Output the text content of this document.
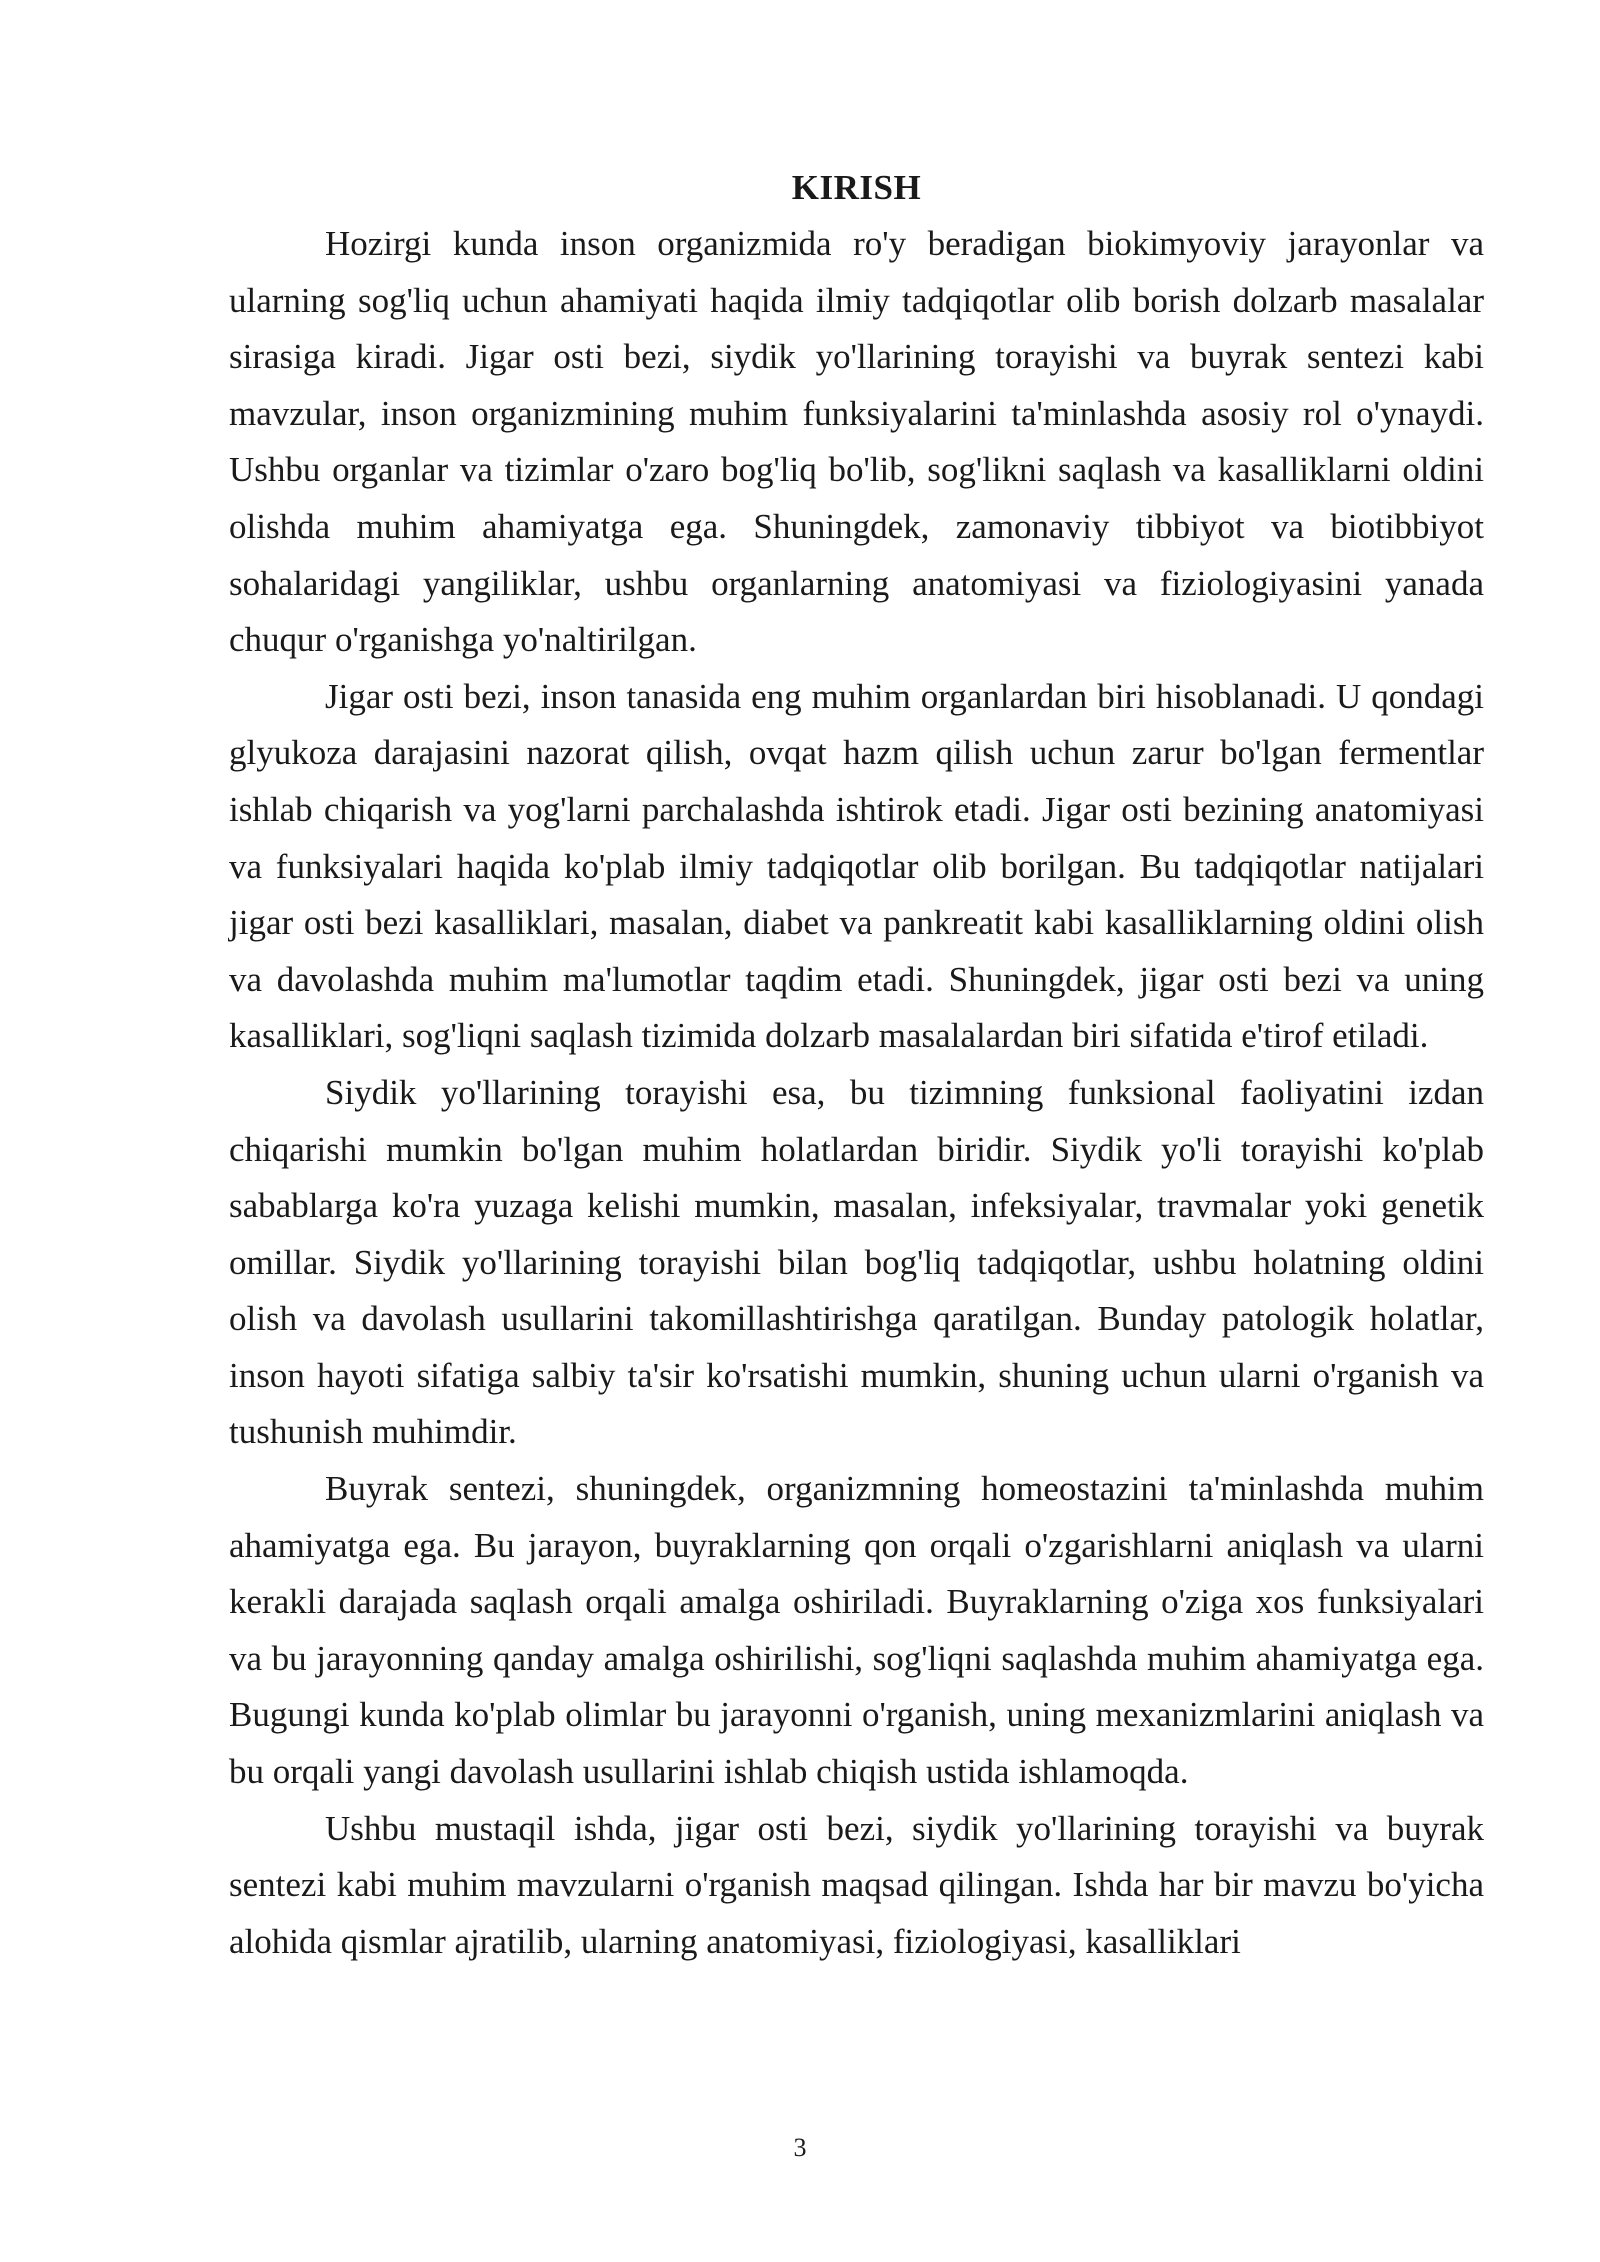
KIRISH

Hozirgi kunda inson organizmida ro'y beradigan biokimyoviy jarayonlar va ularning sog'liq uchun ahamiyati haqida ilmiy tadqiqotlar olib borish dolzarb masalalar sirasiga kiradi. Jigar osti bezi, siydik yo'llarining torayishi va buyrak sentezi kabi mavzular, inson organizmining muhim funksiyalarini ta'minlashda asosiy rol o'ynaydi. Ushbu organlar va tizimlar o'zaro bog'liq bo'lib, sog'likni saqlash va kasalliklarni oldini olishda muhim ahamiyatga ega. Shuningdek, zamonaviy tibbiyot va biotibbiyot sohalaridagi yangiliklar, ushbu organlarning anatomiyasi va fiziologiyasini yanada chuqur o'rganishga yo'naltirilgan.

Jigar osti bezi, inson tanasida eng muhim organlardan biri hisoblanadi. U qondagi glyukoza darajasini nazorat qilish, ovqat hazm qilish uchun zarur bo'lgan fermentlar ishlab chiqarish va yog'larni parchalashda ishtirok etadi. Jigar osti bezining anatomiyasi va funksiyalari haqida ko'plab ilmiy tadqiqotlar olib borilgan. Bu tadqiqotlar natijalari jigar osti bezi kasalliklari, masalan, diabet va pankreatit kabi kasalliklarning oldini olish va davolashda muhim ma'lumotlar taqdim etadi. Shuningdek, jigar osti bezi va uning kasalliklari, sog'liqni saqlash tizimida dolzarb masalalardan biri sifatida e'tirof etiladi.

Siydik yo'llarining torayishi esa, bu tizimning funksional faoliyatini izdan chiqarishi mumkin bo'lgan muhim holatlardan biridir. Siydik yo'li torayishi ko'plab sabablarga ko'ra yuzaga kelishi mumkin, masalan, infeksiyalar, travmalar yoki genetik omillar. Siydik yo'llarining torayishi bilan bog'liq tadqiqotlar, ushbu holatning oldini olish va davolash usullarini takomillashtirishga qaratilgan. Bunday patologik holatlar, inson hayoti sifatiga salbiy ta'sir ko'rsatishi mumkin, shuning uchun ularni o'rganish va tushunish muhimdir.

Buyrak sentezi, shuningdek, organizmning homeostazini ta'minlashda muhim ahamiyatga ega. Bu jarayon, buyraklarning qon orqali o'zgarishlarni aniqlash va ularni kerakli darajada saqlash orqali amalga oshiriladi. Buyraklarning o'ziga xos funksiyalari va bu jarayonning qanday amalga oshirilishi, sog'liqni saqlashda muhim ahamiyatga ega. Bugungi kunda ko'plab olimlar bu jarayonni o'rganish, uning mexanizmlarini aniqlash va bu orqali yangi davolash usullarini ishlab chiqish ustida ishlamoqda.

Ushbu mustaqil ishda, jigar osti bezi, siydik yo'llarining torayishi va buyrak sentezi kabi muhim mavzularni o'rganish maqsad qilingan. Ishda har bir mavzu bo'yicha alohida qismlar ajratilib, ularning anatomiyasi, fiziologiyasi, kasalliklari

3
